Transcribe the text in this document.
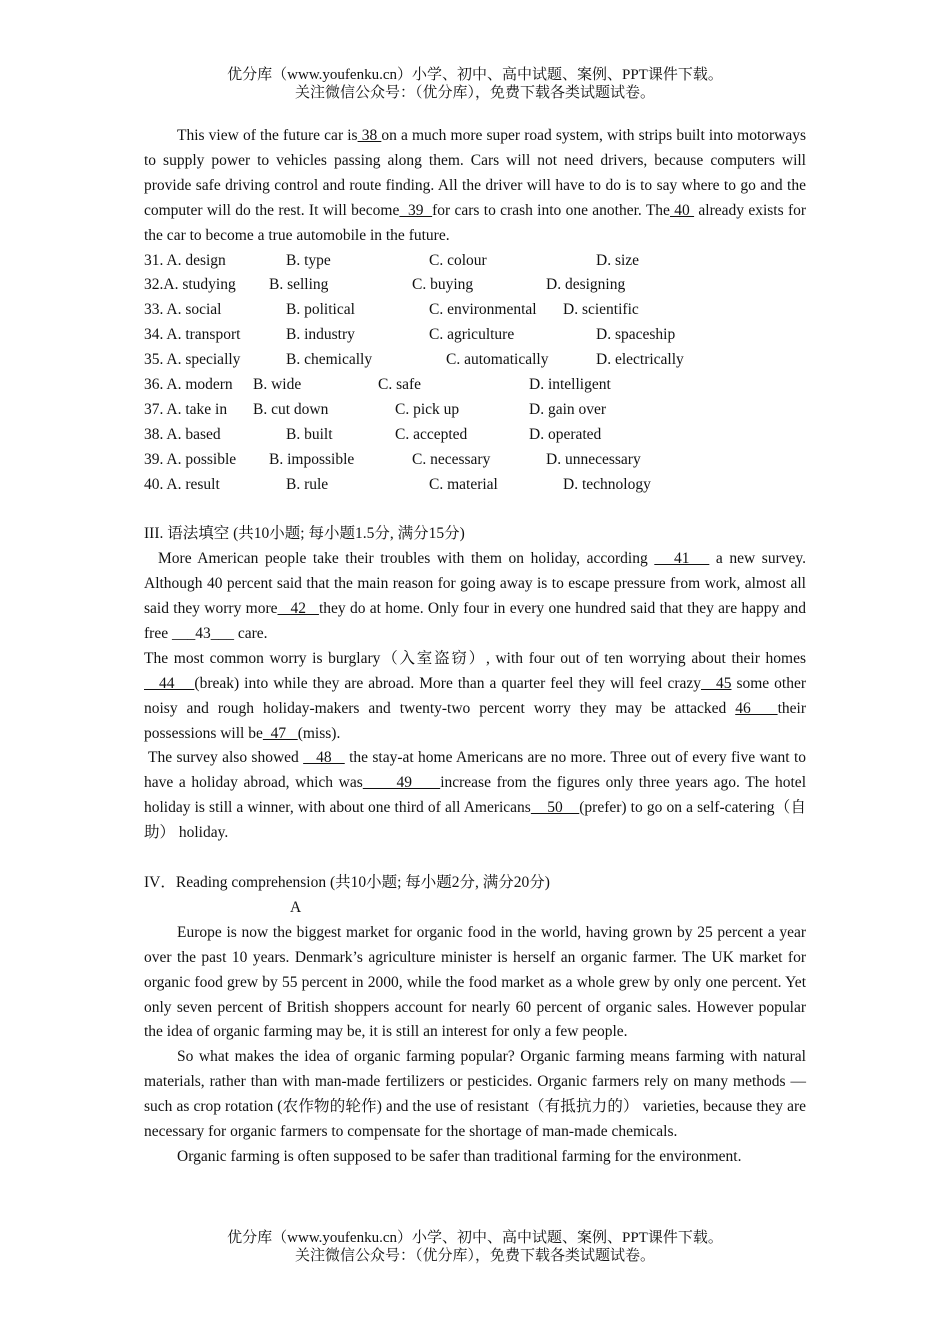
优分库（www.youfenku.cn）小学、初中、高中试题、案例、PPT课件下载。
关注微信公众号：（优分库），免费下载各类试题试卷。

This view of the future car is 38 on a much more super road system, with strips built into motorways to supply power to vehicles passing along them. Cars will not need drivers, because computers will provide safe driving control and route finding. All the driver will have to do is to say where to go and the computer will do the rest. It will become  39  for cars to crash into one another. The 40  already exists for the car to become a true automobile in the future.

31. A. design	B. type	C. colour	D. size
32.A. studying B. selling	C. buying	D. designing
33. A. social	B. political	C. environmental D. scientific
34. A. transport	B. industry	C. agriculture	D. spaceship
35. A. specially	B. chemically	C. automatically	D. electrically
36. A. modern B. wide	C. safe	D. intelligent
37. A. take in B. cut down	C. pick up	D. gain over
38. A. based	B. built	C. accepted	D. operated
39. A. possible B. impossible	C. necessary	D. unnecessary
40. A. result	B. rule	C. material	D. technology

III. 语法填空 (共10小题; 每小题1.5分, 满分15分)

More American people take their troubles with them on holiday, according    41    a new survey. Although 40 percent said that the main reason for going away is to escape pressure from work, almost all said they worry more   42   they do at home. Only four in every one hundred said that they are happy and free ___43___ care.

The most common worry is burglary（入室盗窃）, with four out of ten worrying about their homes   44    (break) into while they are abroad. More than a quarter feel they will feel crazy   45 some other noisy and rough holiday-makers and twenty-two percent worry they may be attacked 46   their possessions will be  47   (miss).

The survey also showed    48    the stay-at home Americans are no more. Three out of every five want to have a holiday abroad, which was      49     increase from the figures only three years ago. The hotel holiday is still a winner, with about one third of all Americans    50    (prefer) to go on a self-catering（自助） holiday.

IV．Reading comprehension (共10小题; 每小题2分, 满分20分)

A

Europe is now the biggest market for organic food in the world, having grown by 25 percent a year over the past 10 years. Denmark’s agriculture minister is herself an organic farmer. The UK market for organic food grew by 55 percent in 2000, while the food market as a whole grew by only one percent. Yet only seven percent of British shoppers account for nearly 60 percent of organic sales. However popular the idea of organic farming may be, it is still an interest for only a few people.

So what makes the idea of organic farming popular? Organic farming means farming with natural materials, rather than with man-made fertilizers or pesticides. Organic farmers rely on many methods — such as crop rotation (农作物的轮作) and the use of resistant（有抵抗力的） varieties, because they are necessary for organic farmers to compensate for the shortage of man-made chemicals.

Organic farming is often supposed to be safer than traditional farming for the environment.

优分库（www.youfenku.cn）小学、初中、高中试题、案例、PPT课件下载。
关注微信公众号：（优分库），免费下载各类试题试卷。
